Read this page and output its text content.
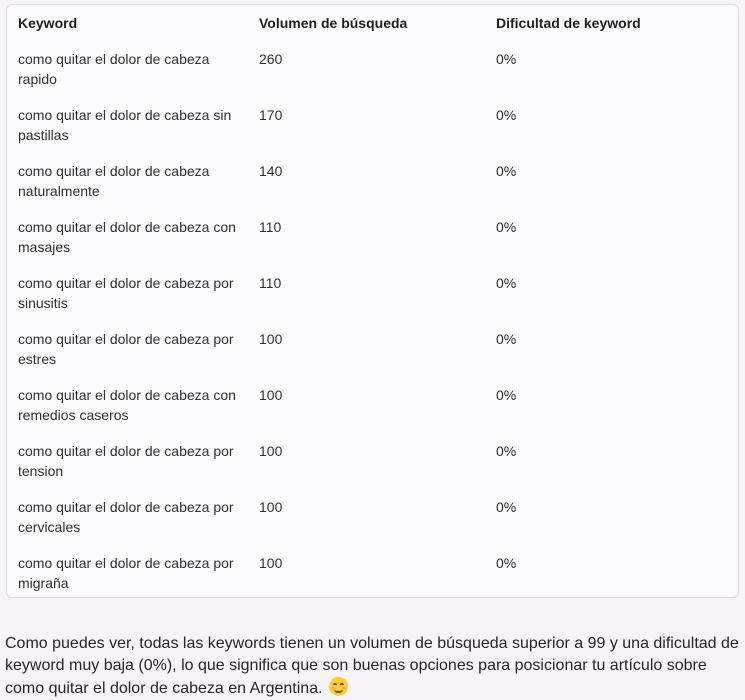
Keyword	Volumen de búsqueda	Dificultad de keyword
como quitar el dolor de cabeza rapido	260	0%
como quitar el dolor de cabeza sin pastillas	170	0%
como quitar el dolor de cabeza naturalmente	140	0%
como quitar el dolor de cabeza con masajes	110	0%
como quitar el dolor de cabeza por sinusitis	110	0%
como quitar el dolor de cabeza por estres	100	0%
como quitar el dolor de cabeza con remedios caseros	100	0%
como quitar el dolor de cabeza por tension	100	0%
como quitar el dolor de cabeza por cervicales	100	0%
como quitar el dolor de cabeza por migraña	100	0%

Como puedes ver, todas las keywords tienen un volumen de búsqueda superior a 99 y una dificultad de keyword muy baja (0%), lo que significa que son buenas opciones para posicionar tu artículo sobre como quitar el dolor de cabeza en Argentina.
